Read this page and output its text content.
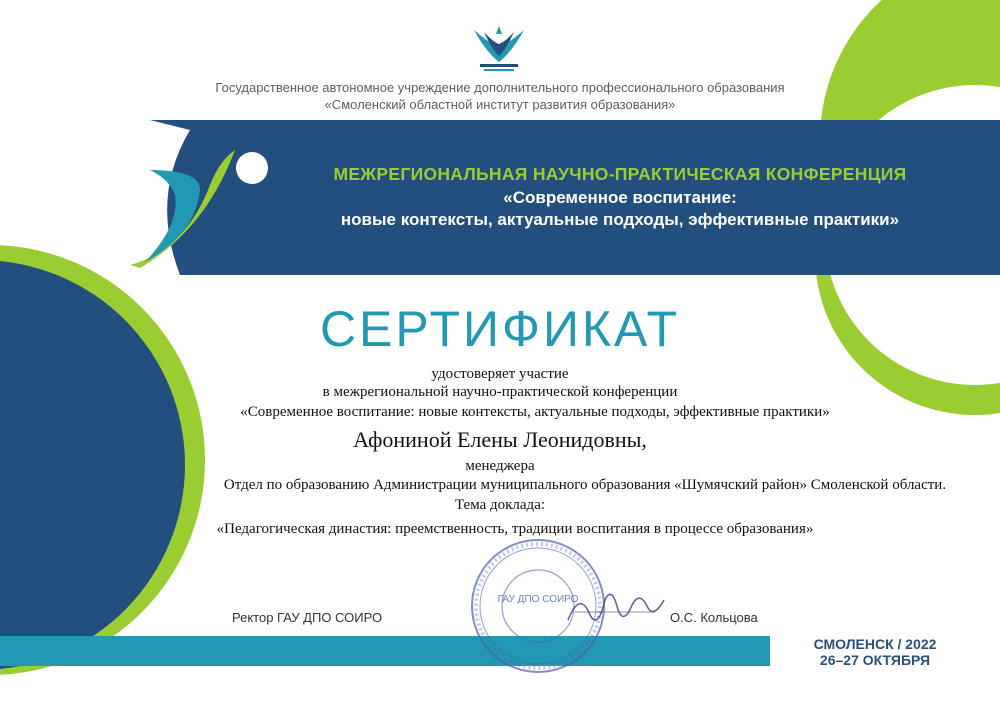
Государственное автономное учреждение дополнительного профессионального образования
«Смоленский областной институт развития образования»
МЕЖРЕГИОНАЛЬНАЯ НАУЧНО-ПРАКТИЧЕСКАЯ КОНФЕРЕНЦИЯ
«Современное воспитание:
новые контексты, актуальные подходы, эффективные практики»
СЕРТИФИКАТ
удостоверяет участие
в межрегиональной научно-практической конференции
«Современное воспитание: новые контексты, актуальные подходы, эффективные практики»
Афониной Елены Леонидовны,
менеджера
Отдел по образованию Администрации муниципального образования «Шумячский район» Смоленской области.
Тема доклада:
«Педагогическая династия: преемственность, традиции воспитания в процессе образования»
ГАУ ДПО СОИРО
Ректор ГАУ ДПО СОИРО	О.С. Кольцова
СМОЛЕНСК / 2022
26–27 ОКТЯБРЯ
